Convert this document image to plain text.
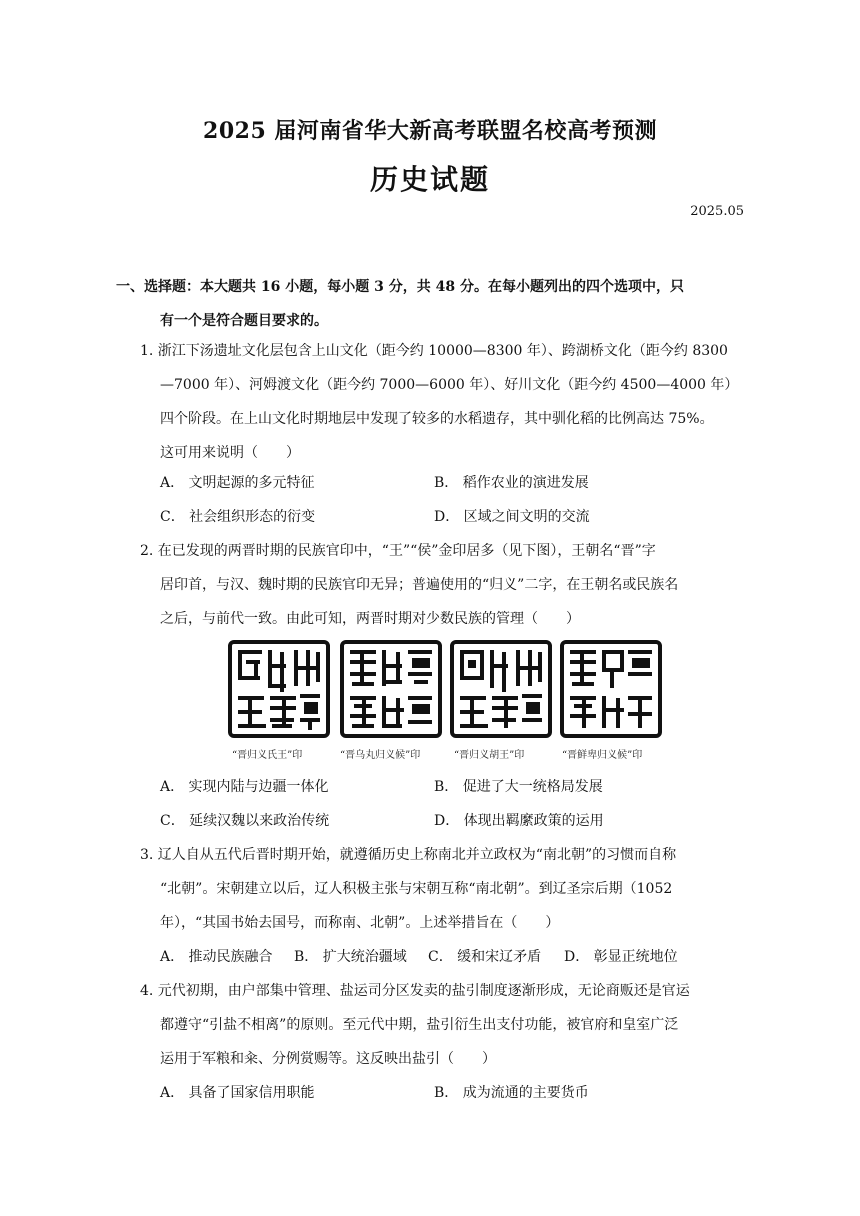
2025 届河南省华大新高考联盟名校高考预测
历史试题
2025.05
一、选择题：本大题共 16 小题，每小题 3 分，共 48 分。在每小题列出的四个选项中，只
有一个是符合题目要求的。
1. 浙江下汤遗址文化层包含上山文化（距今约 10000—8300 年）、跨湖桥文化（距今约 8300
—7000 年）、河姆渡文化（距今约 7000—6000 年）、好川文化（距今约 4500—4000 年）
四个阶段。在上山文化时期地层中发现了较多的水稻遗存，其中驯化稻的比例高达 75%。
这可用来说明（　　）
A． 文明起源的多元特征	B． 稻作农业的演进发展
C． 社会组织形态的衍变	D． 区域之间文明的交流
2. 在已发现的两晋时期的民族官印中，“王”“侯”金印居多（见下图），王朝名“晋”字
居印首，与汉、魏时期的民族官印无异；普遍使用的“归义”二字，在王朝名或民族名
之后，与前代一致。由此可知，两晋时期对少数民族的管理（　　）
“晋归义氏王”印	“晋乌丸归义候”印	“晋归义胡王”印	“晋鲜卑归义候”印
A． 实现内陆与边疆一体化	B． 促进了大一统格局发展
C． 延续汉魏以来政治传统	D． 体现出羁縻政策的运用
3. 辽人自从五代后晋时期开始，就遵循历史上称南北并立政权为“南北朝”的习惯而自称
“北朝”。宋朝建立以后，辽人积极主张与宋朝互称“南北朝”。到辽圣宗后期（1052
年），“其国书始去国号，而称南、北朝”。上述举措旨在（　　）
A． 推动民族融合 B． 扩大统治疆域 C． 缓和宋辽矛盾 D． 彰显正统地位
4. 元代初期，由户部集中管理、盐运司分区发卖的盐引制度逐渐形成，无论商贩还是官运
都遵守“引盐不相离”的原则。至元代中期，盐引衍生出支付功能，被官府和皇室广泛
运用于军粮和籴、分例赏赐等。这反映出盐引（　　）
A． 具备了国家信用职能	B． 成为流通的主要货币
